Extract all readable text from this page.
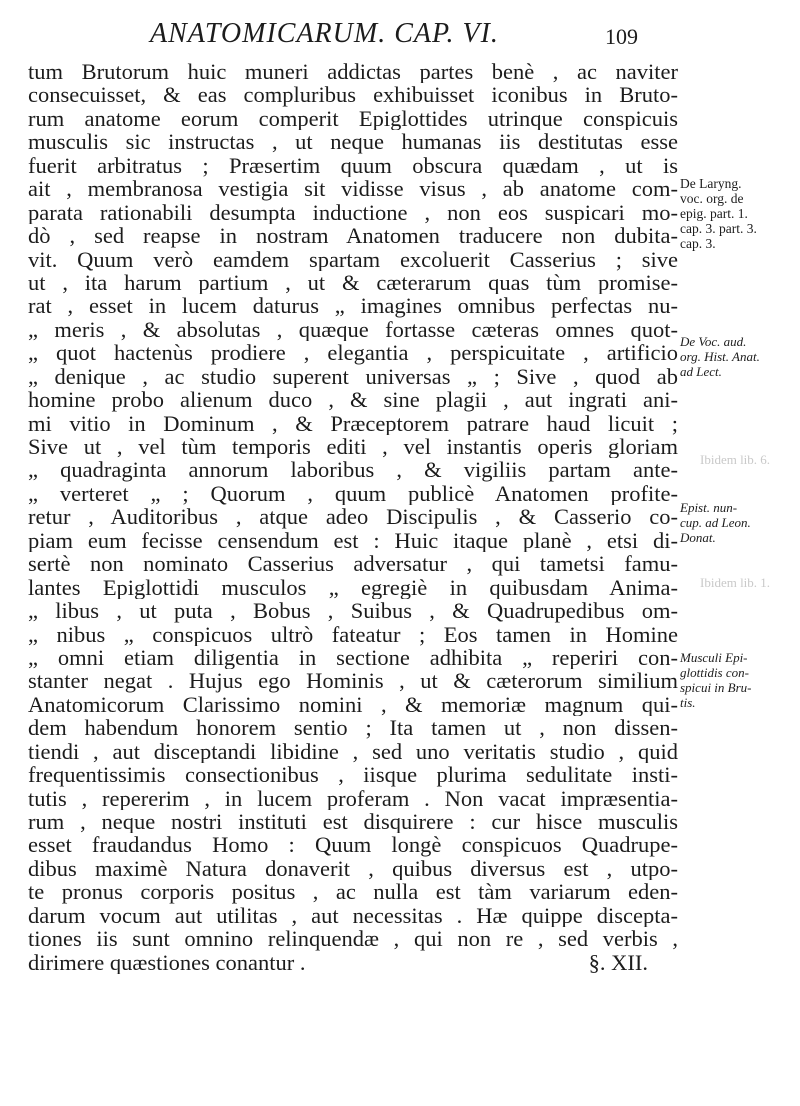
ANATOMICARUM. CAP. VI.	109
tum Brutorum huic muneri addictas partes benè , ac naviter
consecuisset, & eas compluribus exhibuisset iconibus in Bruto-
rum anatome eorum comperit Epiglottides utrinque conspicuis
musculis sic instructas , ut neque humanas iis destitutas esse
fuerit arbitratus ; Præsertim quum obscura quædam , ut is
ait , membranosa vestigia sit vidisse visus , ab anatome com-
parata rationabili desumpta inductione , non eos suspicari mo-
dò , sed reapse in nostram Anatomen traducere non dubita-
vit. Quum verò eamdem spartam excoluerit Casserius ; sive
ut , ita harum partium , ut & cæterarum quas tùm promise-
rat , esset in lucem daturus „ imagines omnibus perfectas nu-
„ meris , & absolutas , quæque fortasse cæteras omnes quot-
„ quot hactenùs prodiere , elegantia , perspicuitate , artificio
„ denique , ac studio superent universas „ ; Sive , quod ab
homine probo alienum duco , & sine plagii , aut ingrati ani-
mi vitio in Dominum , & Præceptorem patrare haud licuit ;
Sive ut , vel tùm temporis editi , vel instantis operis gloriam
„ quadraginta annorum laboribus , & vigiliis partam ante-
„ verteret „ ; Quorum , quum publicè Anatomen profite-
retur , Auditoribus , atque adeo Discipulis , & Casserio co-
piam eum fecisse censendum est : Huic itaque planè , etsi di-
sertè non nominato Casserius adversatur , qui tametsi famu-
lantes Epiglottidi musculos „ egregiè in quibusdam Anima-
„ libus , ut puta , Bobus , Suibus , & Quadrupedibus om-
„ nibus „ conspicuos ultrò fateatur ; Eos tamen in Homine
„ omni etiam diligentia in sectione adhibita „ reperiri con-
stanter negat . Hujus ego Hominis , ut & cæterorum similium
Anatomicorum Clarissimo nomini , & memoriæ magnum qui-
dem habendum honorem sentio ; Ita tamen ut , non dissen-
tiendi , aut disceptandi libidine , sed uno veritatis studio , quid
frequentissimis consectionibus , iisque plurima sedulitate insti-
tutis , repererim , in lucem proferam . Non vacat impræsentia-
rum , neque nostri instituti est disquirere : cur hisce musculis
esset fraudandus Homo : Quum longè conspicuos Quadrupe-
dibus maximè Natura donaverit , quibus diversus est , utpo-
te pronus corporis positus , ac nulla est tàm variarum eden-
darum vocum aut utilitas , aut necessitas . Hæ quippe discepta-
tiones iis sunt omnino relinquendæ , qui non re , sed verbis ,
dirimere quæstiones conantur .	§. XII.
De Laryng.
voc. org. de
epig. part. 1.
cap. 3. part. 3.
cap. 3.
De Voc. aud.
org. Hist. Anat.
ad Lect.
Ibidem lib. 6.
Epist. nun-
cup. ad Leon.
Donat.
Ibidem lib. 1.
Musculi Epi-
glottidis con-
spicui in Bru-
tis.
